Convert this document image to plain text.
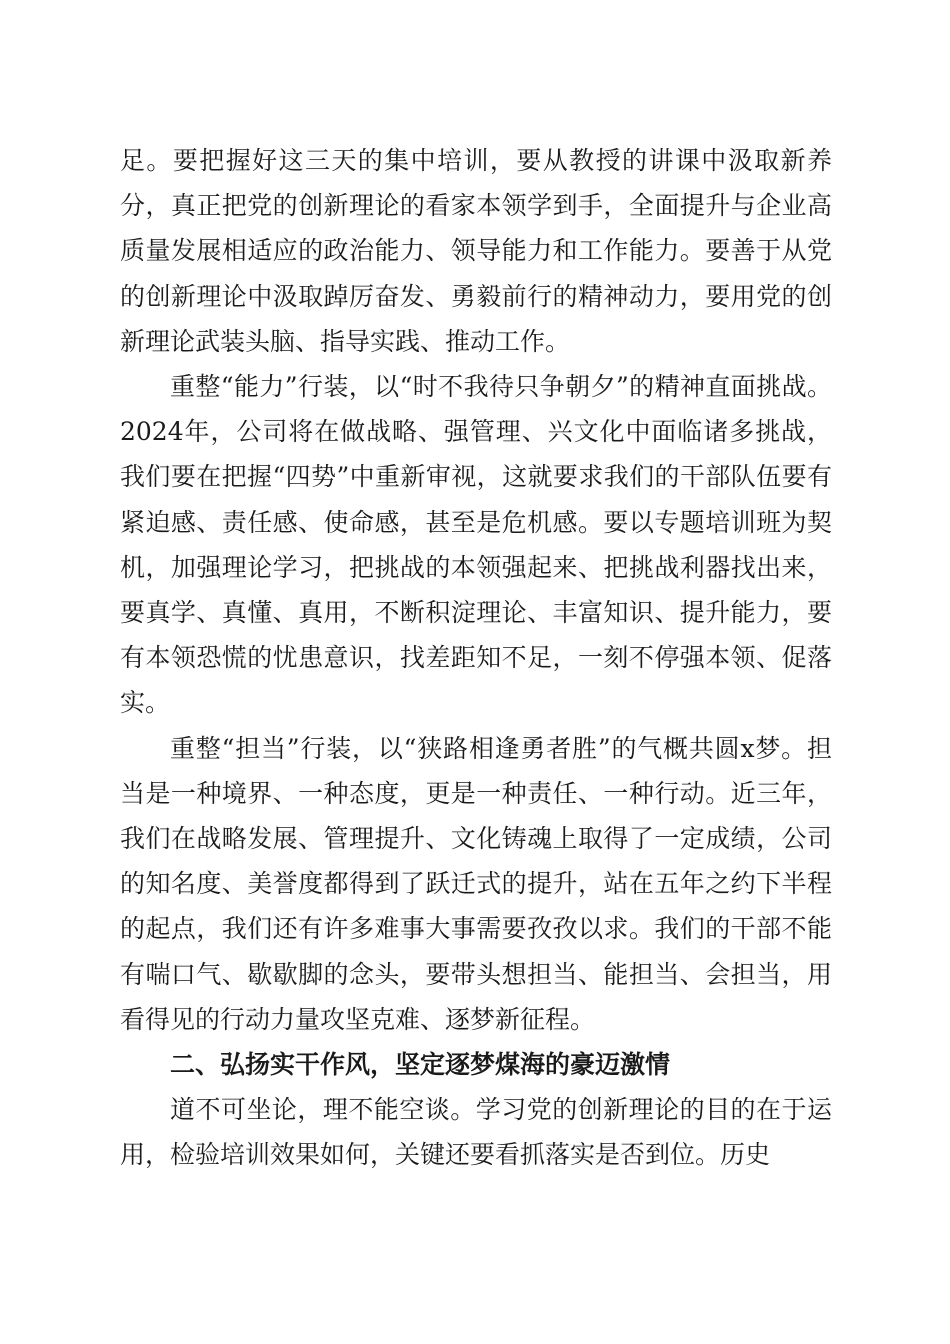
足。要把握好这三天的集中培训，要从教授的讲课中汲取新养分，真正把党的创新理论的看家本领学到手，全面提升与企业高质量发展相适应的政治能力、领导能力和工作能力。要善于从党的创新理论中汲取踔厉奋发、勇毅前行的精神动力，要用党的创新理论武装头脑、指导实践、推动工作。

重整“能力”行装，以“时不我待只争朝夕”的精神直面挑战。2024年，公司将在做战略、强管理、兴文化中面临诸多挑战，我们要在把握“四势”中重新审视，这就要求我们的干部队伍要有紧迫感、责任感、使命感，甚至是危机感。要以专题培训班为契机，加强理论学习，把挑战的本领强起来、把挑战利器找出来，要真学、真懂、真用，不断积淀理论、丰富知识、提升能力，要有本领恐慌的忧患意识，找差距知不足，一刻不停强本领、促落实。

重整“担当”行装，以“狭路相逢勇者胜”的气概共圆x梦。担当是一种境界、一种态度，更是一种责任、一种行动。近三年，我们在战略发展、管理提升、文化铸魂上取得了一定成绩，公司的知名度、美誉度都得到了跃迁式的提升，站在五年之约下半程的起点，我们还有许多难事大事需要孜孜以求。我们的干部不能有喘口气、歇歇脚的念头，要带头想担当、能担当、会担当，用看得见的行动力量攻坚克难、逐梦新征程。

二、弘扬实干作风，坚定逐梦煤海的豪迈激情

道不可坐论，理不能空谈。学习党的创新理论的目的在于运用，检验培训效果如何，关键还要看抓落实是否到位。历史
